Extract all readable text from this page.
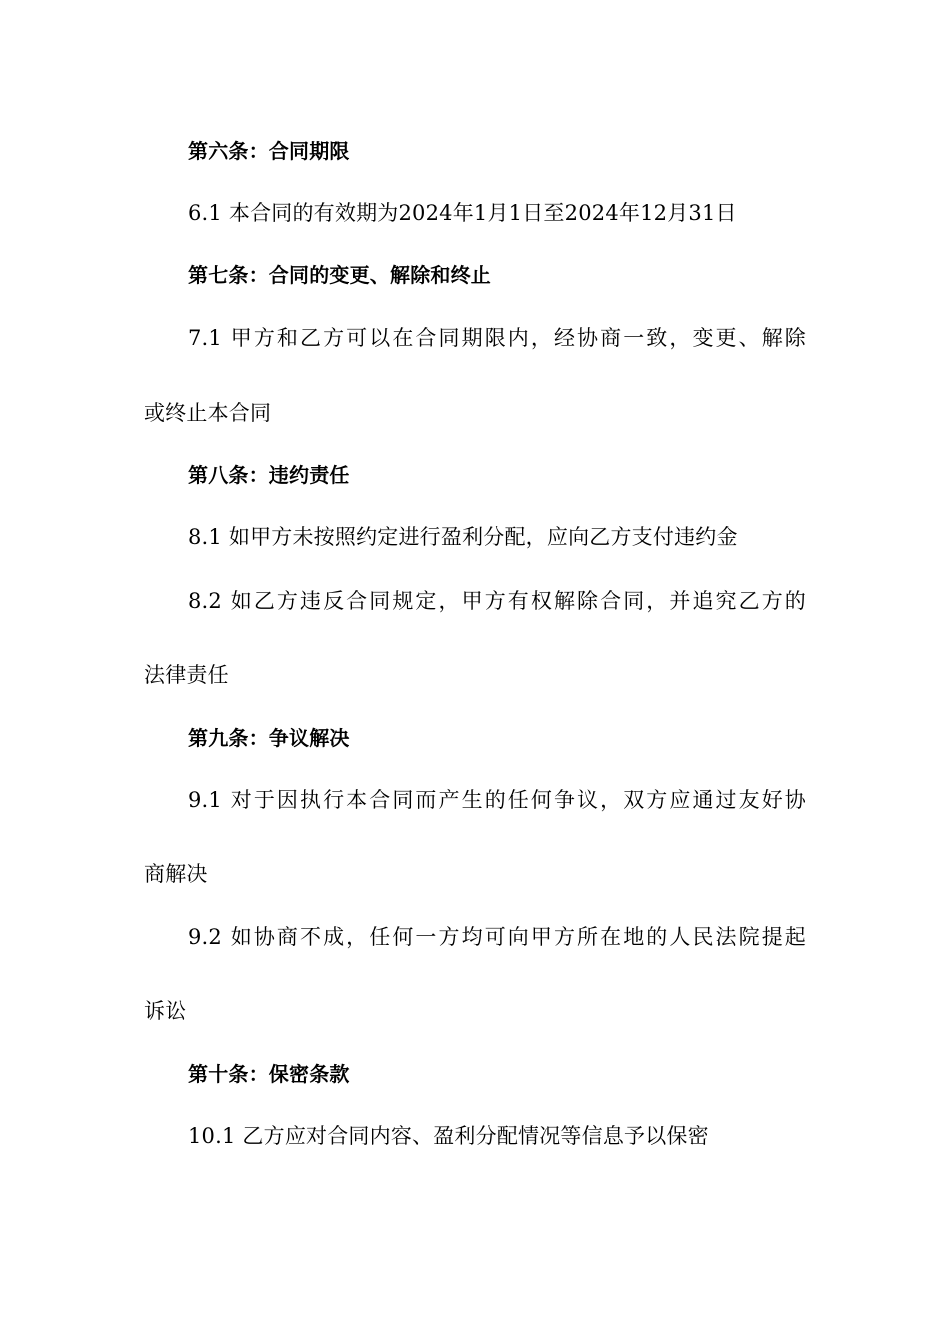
第六条：合同期限
6.1 本合同的有效期为2024年1月1日至2024年12月31日
第七条：合同的变更、解除和终止
7.1 甲方和乙方可以在合同期限内，经协商一致，变更、解除
或终止本合同
第八条：违约责任
8.1 如甲方未按照约定进行盈利分配，应向乙方支付违约金
8.2 如乙方违反合同规定，甲方有权解除合同，并追究乙方的
法律责任
第九条：争议解决
9.1 对于因执行本合同而产生的任何争议，双方应通过友好协
商解决
9.2 如协商不成，任何一方均可向甲方所在地的人民法院提起
诉讼
第十条：保密条款
10.1 乙方应对合同内容、盈利分配情况等信息予以保密
